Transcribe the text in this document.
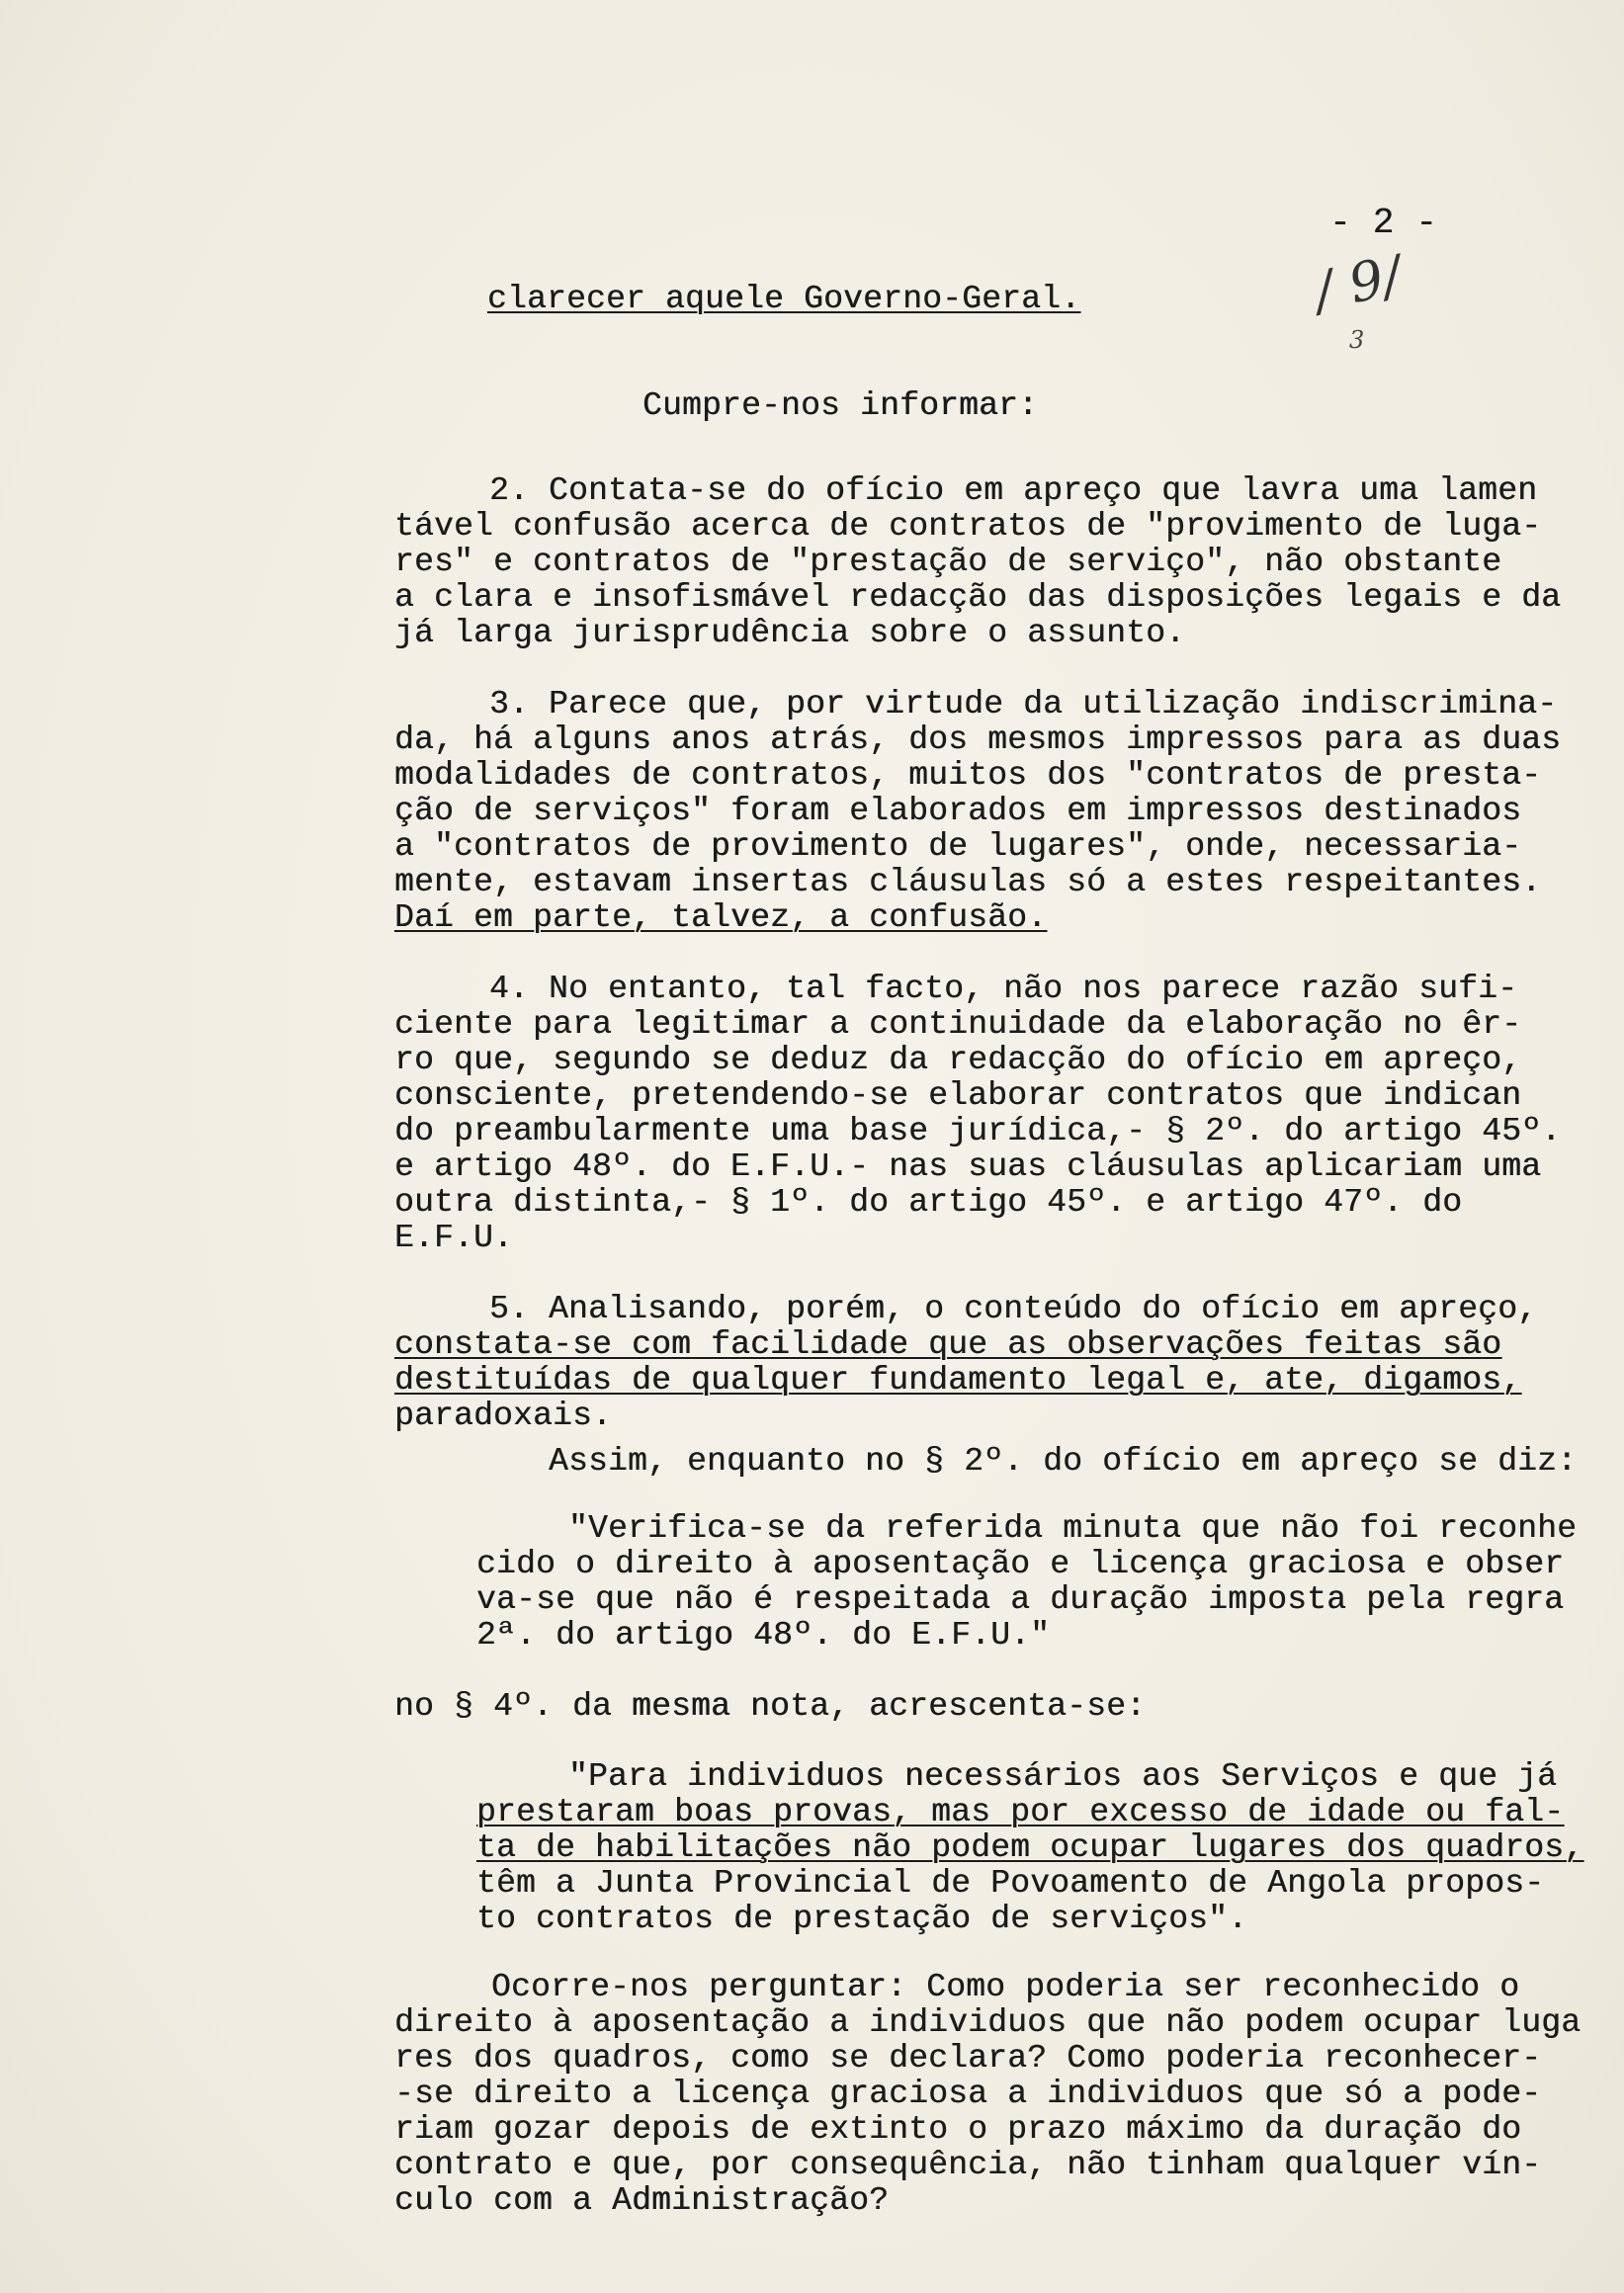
- 2 -
/ 9/
3
clarecer aquele Governo-Geral.
Cumpre-nos informar:
2. Contata-se do ofício em apreço que lavra uma lamen
tável confusão acerca de contratos de "provimento de luga-
res" e contratos de "prestação de serviço", não obstante
a clara e insofismável redacção das disposições legais e da
já larga jurisprudência sobre o assunto.
3. Parece que, por virtude da utilização indiscrimina-
da, há alguns anos atrás, dos mesmos impressos para as duas
modalidades de contratos, muitos dos "contratos de presta-
ção de serviços" foram elaborados em impressos destinados
a "contratos de provimento de lugares", onde, necessaria-
mente, estavam insertas cláusulas só a estes respeitantes.
Daí em parte, talvez, a confusão.
4. No entanto, tal facto, não nos parece razão sufi-
ciente para legitimar a continuidade da elaboração no êr-
ro que, segundo se deduz da redacção do ofício em apreço,
consciente, pretendendo-se elaborar contratos que indican
do preambularmente uma base jurídica,- § 2º. do artigo 45º.
e artigo 48º. do E.F.U.- nas suas cláusulas aplicariam uma
outra distinta,- § 1º. do artigo 45º. e artigo 47º. do
E.F.U.
5. Analisando, porém, o conteúdo do ofício em apreço,
constata-se com facilidade que as observações feitas são
destituídas de qualquer fundamento legal e, ate, digamos,
paradoxais.
Assim, enquanto no § 2º. do ofício em apreço se diz:
"Verifica-se da referida minuta que não foi reconhe
cido o direito à aposentação e licença graciosa e obser
va-se que não é respeitada a duração imposta pela regra
2ª. do artigo 48º. do E.F.U."
no § 4º. da mesma nota, acrescenta-se:
"Para individuos necessários aos Serviços e que já
prestaram boas provas, mas por excesso de idade ou fal-
ta de habilitações não podem ocupar lugares dos quadros,
têm a Junta Provincial de Povoamento de Angola propos-
to contratos de prestação de serviços".
Ocorre-nos perguntar: Como poderia ser reconhecido o
direito à aposentação a individuos que não podem ocupar luga
res dos quadros, como se declara? Como poderia reconhecer-
-se direito a licença graciosa a individuos que só a pode-
riam gozar depois de extinto o prazo máximo da duração do
contrato e que, por consequência, não tinham qualquer vín-
culo com a Administração?
